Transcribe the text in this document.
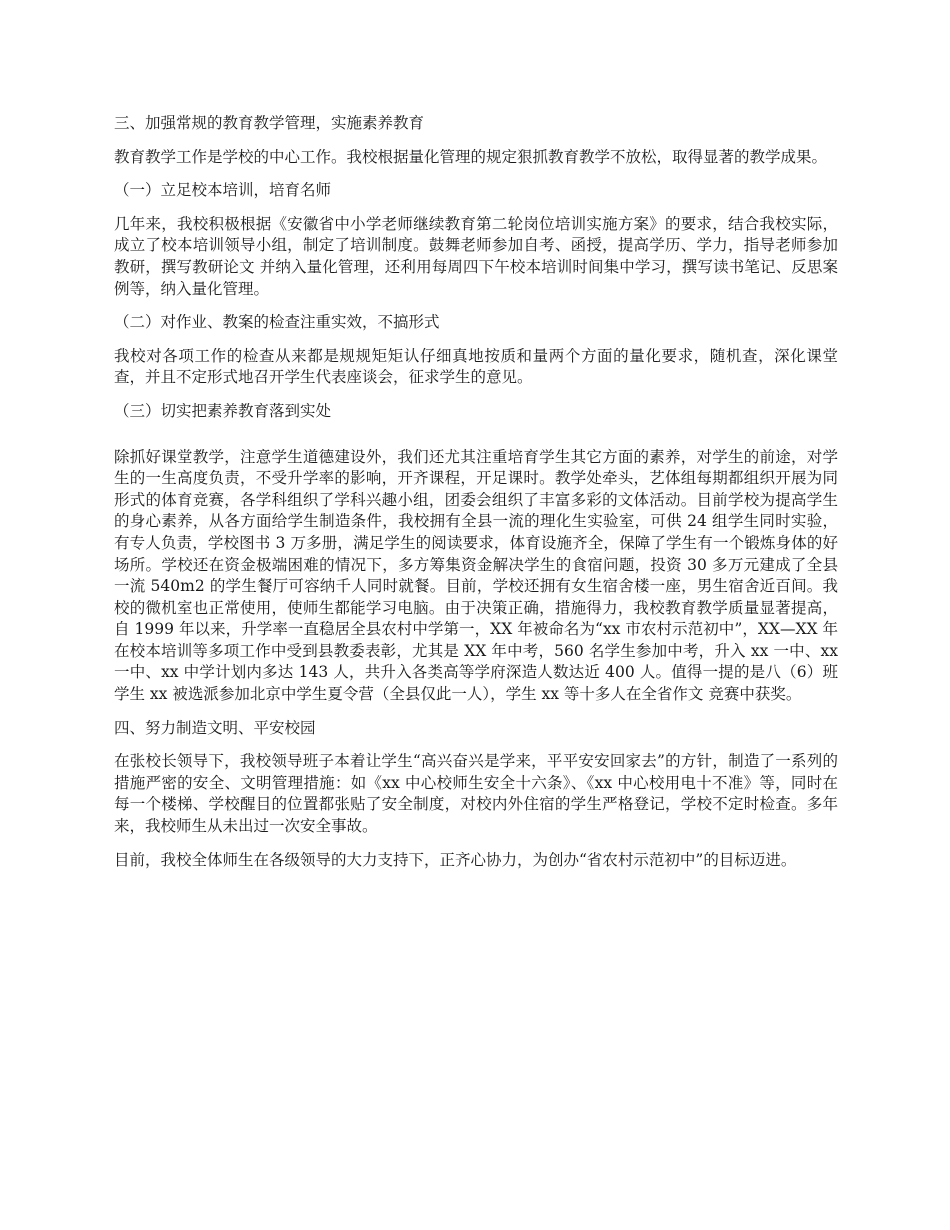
三、加强常规的教育教学管理，实施素养教育

教育教学工作是学校的中心工作。我校根据量化管理的规定狠抓教育教学不放松，取得显著的教学成果。

（一）立足校本培训，培育名师

几年来，我校积极根据《安徽省中小学老师继续教育第二轮岗位培训实施方案》的要求，结合我校实际，成立了校本培训领导小组，制定了培训制度。鼓舞老师参加自考、函授，提高学历、学力，指导老师参加教研，撰写教研论文 并纳入量化管理，还利用每周四下午校本培训时间集中学习，撰写读书笔记、反思案例等，纳入量化管理。

（二）对作业、教案的检查注重实效，不搞形式

我校对各项工作的检查从来都是规规矩矩认仔细真地按质和量两个方面的量化要求，随机查，深化课堂查，并且不定形式地召开学生代表座谈会，征求学生的意见。

（三）切实把素养教育落到实处

除抓好课堂教学，注意学生道德建设外，我们还尤其注重培育学生其它方面的素养，对学生的前途，对学生的一生高度负责，不受升学率的影响，开齐课程，开足课时。教学处牵头，艺体组每期都组织开展为同形式的体育竞赛，各学科组织了学科兴趣小组，团委会组织了丰富多彩的文体活动。目前学校为提高学生的身心素养，从各方面给学生制造条件，我校拥有全县一流的理化生实验室，可供 24 组学生同时实验，有专人负责，学校图书 3 万多册，满足学生的阅读要求，体育设施齐全，保障了学生有一个锻炼身体的好场所。学校还在资金极端困难的情况下，多方筹集资金解决学生的食宿问题，投资 30 多万元建成了全县一流 540m2 的学生餐厅可容纳千人同时就餐。目前，学校还拥有女生宿舍楼一座，男生宿舍近百间。我校的微机室也正常使用，使师生都能学习电脑。由于决策正确，措施得力，我校教育教学质量显著提高，自 1999 年以来，升学率一直稳居全县农村中学第一，XX 年被命名为“xx 市农村示范初中”，XX—XX 年在校本培训等多项工作中受到县教委表彰，尤其是 XX 年中考，560 名学生参加中考，升入 xx 一中、xx 一中、xx 中学计划内多达 143 人，共升入各类高等学府深造人数达近 400 人。值得一提的是八（6）班学生 xx 被选派参加北京中学生夏令营（全县仅此一人），学生 xx 等十多人在全省作文 竞赛中获奖。

四、努力制造文明、平安校园

在张校长领导下，我校领导班子本着让学生“高兴奋兴是学来，平平安安回家去”的方针，制造了一系列的措施严密的安全、文明管理措施：如《xx 中心校师生安全十六条》、《xx 中心校用电十不准》等，同时在每一个楼梯、学校醒目的位置都张贴了安全制度，对校内外住宿的学生严格登记，学校不定时检查。多年来，我校师生从未出过一次安全事故。

目前，我校全体师生在各级领导的大力支持下，正齐心协力，为创办“省农村示范初中”的目标迈进。
